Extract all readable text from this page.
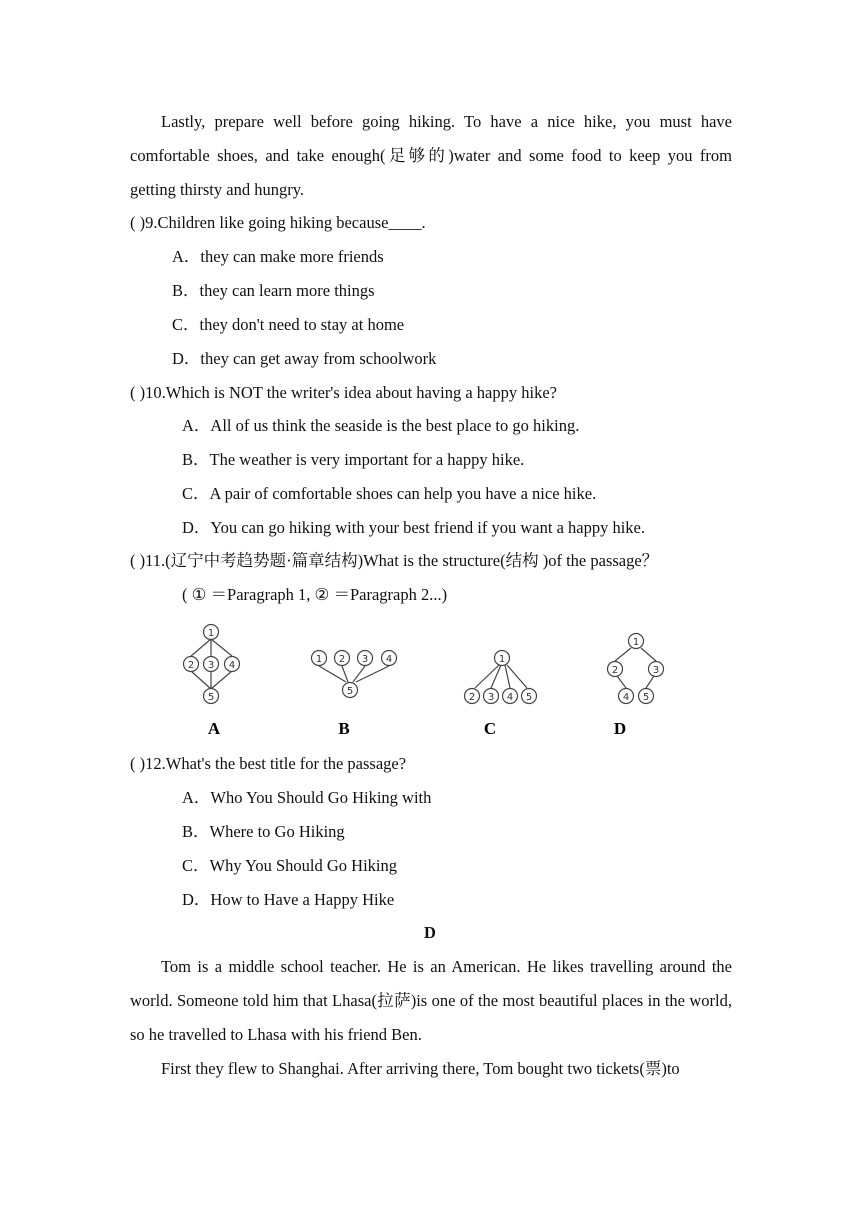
Lastly, prepare well before going hiking. To have a nice hike, you must have comfortable shoes, and take enough(足够的)water and some food to keep you from getting thirsty and hungry.
( )9.Children like going hiking because____.
A．they can make more friends
B．they can learn more things
C．they don't need to stay at home
D．they can get away from schoolwork
( )10.Which is NOT the writer's idea about having a happy hike?
A．All of us think the seaside is the best place to go hiking.
B．The weather is very important for a happy hike.
C．A pair of comfortable shoes can help you have a nice hike.
D．You can go hiking with your best friend if you want a happy hike.
( )11.(辽宁中考趋势题·篇章结构)What is the structure(结构 )of the passage？
( ① ＝Paragraph 1, ② ＝Paragraph 2...)
1
2 3 4
5
1 2 3 4
5
1
2 3 4 5
1
2	3
4 5
A	B	C	D
( )12.What's the best title for the passage?
A．Who You Should Go Hiking with
B．Where to Go Hiking
C．Why You Should Go Hiking
D．How to Have a Happy Hike
D
Tom is a middle school teacher. He is an American. He likes travelling around the world. Someone told him that Lhasa(拉萨)is one of the most beautiful places in the world, so he travelled to Lhasa with his friend Ben.
First they flew to Shanghai. After arriving there, Tom bought two tickets(票)to
